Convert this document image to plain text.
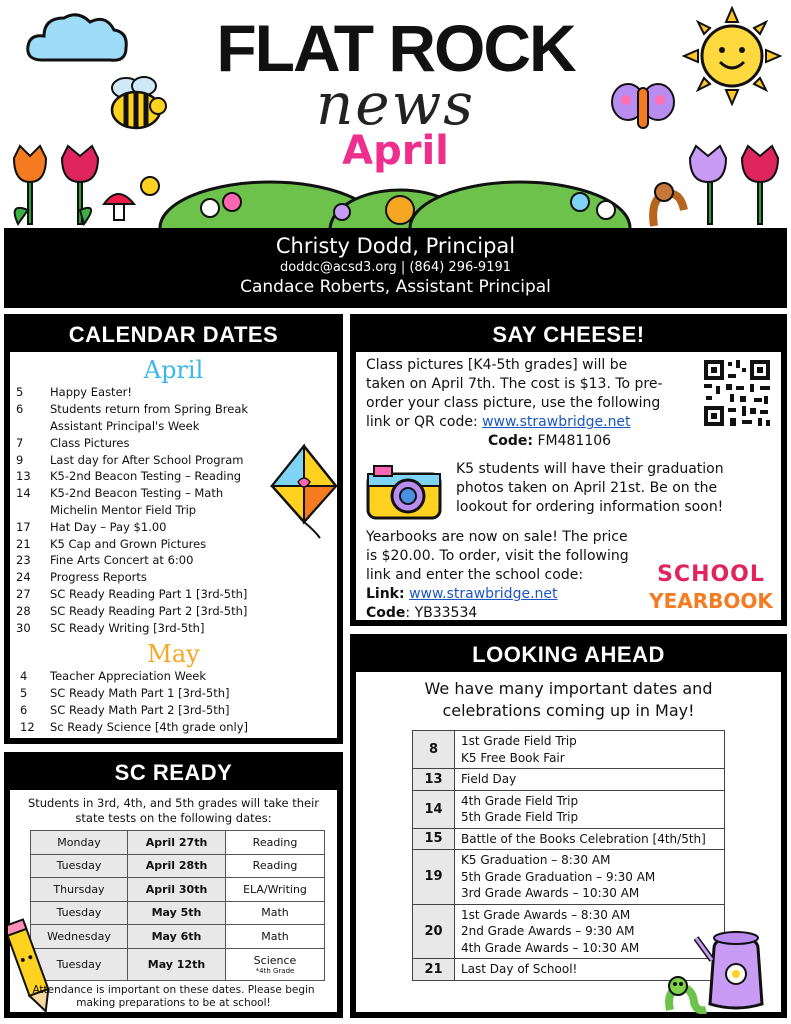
FLAT ROCK
news
April
Christy Dodd, Principal
doddc@acsd3.org | (864) 296-9191
Candace Roberts, Assistant Principal
CALENDAR DATES
April
5	Happy Easter!
6	Students return from Spring Break
Assistant Principal's Week
7	Class Pictures
9	Last day for After School Program
13	K5-2nd Beacon Testing – Reading
14	K5-2nd Beacon Testing – Math
Michelin Mentor Field Trip
17	Hat Day – Pay $1.00
21	K5 Cap and Grown Pictures
23	Fine Arts Concert at 6:00
24	Progress Reports
27	SC Ready Reading Part 1 [3rd-5th]
28	SC Ready Reading Part 2 [3rd-5th]
30	SC Ready Writing [3rd-5th]
May
4	Teacher Appreciation Week
5	SC Ready Math Part 1 [3rd-5th]
6	SC Ready Math Part 2 [3rd-5th]
12	Sc Ready Science [4th grade only]
SC READY
Students in 3rd, 4th, and 5th grades will take their
state tests on the following dates:
Monday	April 27th	Reading
Tuesday	April 28th	Reading
Thursday	April 30th	ELA/Writing
Tuesday	May 5th	Math
Wednesday	May 6th	Math
Tuesday	May 12th	Science
*4th Grade
Attendance is important on these dates. Please begin
making preparations to be at school!
SAY CHEESE!
Class pictures [K4-5th grades] will be
taken on April 7th. The cost is $13. To pre-
order your class picture, use the following
link or QR code: www.strawbridge.net
Code: FM481106
K5 students will have their graduation
photos taken on April 21st. Be on the
lookout for ordering information soon!
Yearbooks are now on sale! The price
is $20.00. To order, visit the following
link and enter the school code:
Link: www.strawbridge.net
Code: YB33534
SCHOOL
YEARBOOK
LOOKING AHEAD
We have many important dates and
celebrations coming up in May!
8	1st Grade Field Trip
K5 Free Book Fair

13	Field Day

14	4th Grade Field Trip
5th Grade Field Trip

15	Battle of the Books Celebration [4th/5th]

19	K5 Graduation – 8:30 AM
5th Grade Graduation – 9:30 AM
3rd Grade Awards – 10:30 AM

20	1st Grade Awards – 8:30 AM
2nd Grade Awards – 9:30 AM
4th Grade Awards – 10:30 AM

21	Last Day of School!
